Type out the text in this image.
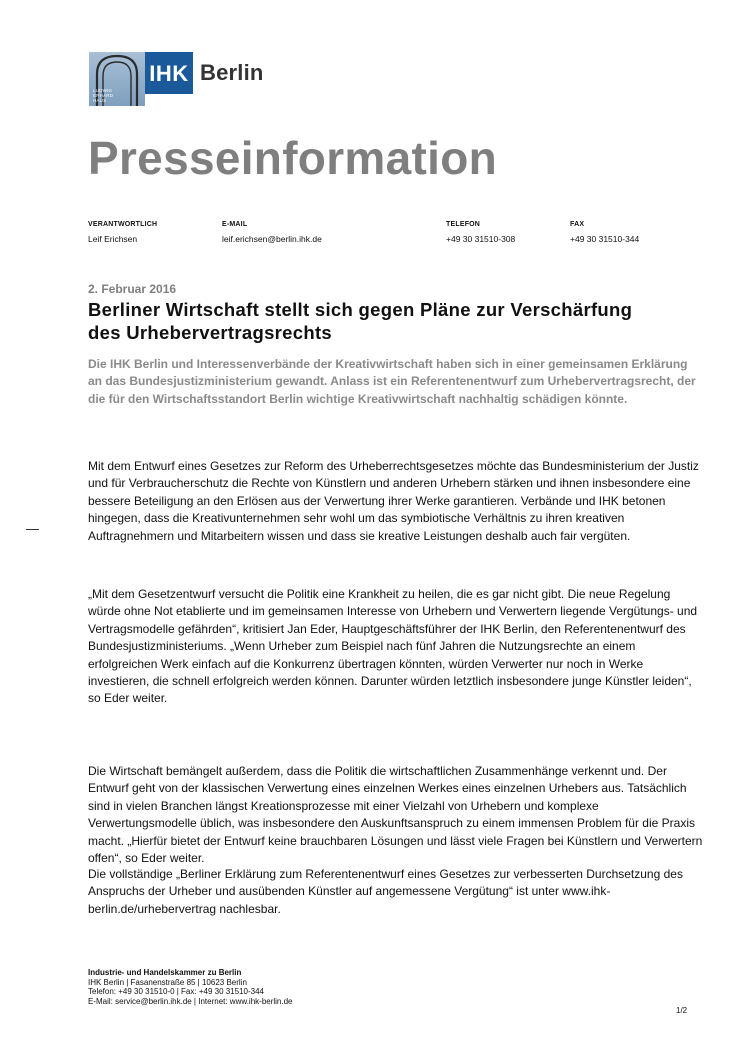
LUDWIG
ERHARD
HAUS
IHK Berlin
Presseinformation
VERANTWORTLICH
Leif Erichsen
E-MAIL
leif.erichsen@berlin.ihk.de
TELEFON
+49 30 31510-308
FAX
+49 30 31510-344
2. Februar 2016
Berliner Wirtschaft stellt sich gegen Pläne zur Verschärfung des Urhebervertragsrechts

Die IHK Berlin und Interessenverbände der Kreativwirtschaft haben sich in einer gemeinsamen Erklärung an das Bundesjustizministerium gewandt. Anlass ist ein Referentenentwurf zum Urhebervertragsrecht, der die für den Wirtschaftsstandort Berlin wichtige Kreativwirtschaft nachhaltig schädigen könnte.

Mit dem Entwurf eines Gesetzes zur Reform des Urheberrechtsgesetzes möchte das Bundesministerium der Justiz und für Verbraucherschutz die Rechte von Künstlern und anderen Urhebern stärken und ihnen insbesondere eine bessere Beteiligung an den Erlösen aus der Verwertung ihrer Werke garantieren. Verbände und IHK betonen hingegen, dass die Kreativunternehmen sehr wohl um das symbiotische Verhältnis zu ihren kreativen Auftragnehmern und Mitarbeitern wissen und dass sie kreative Leistungen deshalb auch fair vergüten.

„Mit dem Gesetzentwurf versucht die Politik eine Krankheit zu heilen, die es gar nicht gibt. Die neue Regelung würde ohne Not etablierte und im gemeinsamen Interesse von Urhebern und Verwertern liegende Vergütungs- und Vertragsmodelle gefährden“, kritisiert Jan Eder, Hauptgeschäftsführer der IHK Berlin, den Referentenentwurf des Bundesjustizministeriums. „Wenn Urheber zum Beispiel nach fünf Jahren die Nutzungsrechte an einem erfolgreichen Werk einfach auf die Konkurrenz übertragen könnten, würden Verwerter nur noch in Werke investieren, die schnell erfolgreich werden können. Darunter würden letztlich insbesondere junge Künstler leiden“, so Eder weiter.

Die Wirtschaft bemängelt außerdem, dass die Politik die wirtschaftlichen Zusammenhänge verkennt und. Der Entwurf geht von der klassischen Verwertung eines einzelnen Werkes eines einzelnen Urhebers aus. Tatsächlich sind in vielen Branchen längst Kreationsprozesse mit einer Vielzahl von Urhebern und komplexe Verwertungsmodelle üblich, was insbesondere den Auskunftsanspruch zu einem immensen Problem für die Praxis macht. „Hierfür bietet der Entwurf keine brauchbaren Lösungen und lässt viele Fragen bei Künstlern und Verwertern offen“, so Eder weiter.

Die vollständige „Berliner Erklärung zum Referentenentwurf eines Gesetzes zur verbesserten Durchsetzung des Anspruchs der Urheber und ausübenden Künstler auf angemessene Vergütung“ ist unter www.ihk-berlin.de/urhebervertrag nachlesbar.

Industrie- und Handelskammer zu Berlin
IHK Berlin | Fasanenstraße 85 | 10623 Berlin
Telefon: +49 30 31510-0 | Fax: +49 30 31510-344
E-Mail: service@berlin.ihk.de | Internet: www.ihk-berlin.de
1/2
